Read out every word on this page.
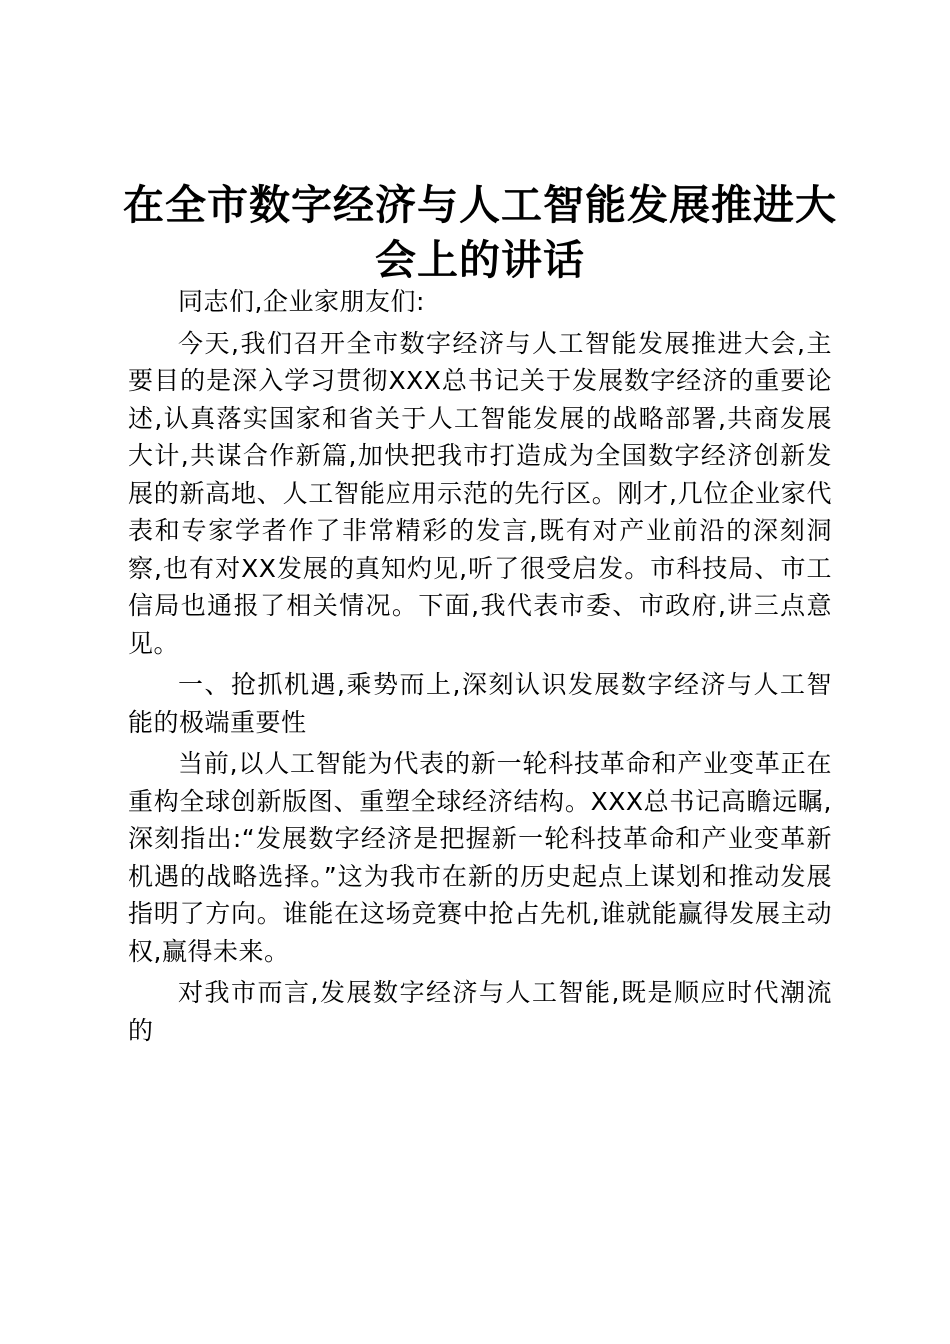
在全市数字经济与人工智能发展推进大会上的讲话

同志们,企业家朋友们:

今天,我们召开全市数字经济与人工智能发展推进大会,主要目的是深入学习贯彻XXX总书记关于发展数字经济的重要论述,认真落实国家和省关于人工智能发展的战略部署,共商发展大计,共谋合作新篇,加快把我市打造成为全国数字经济创新发展的新高地、人工智能应用示范的先行区。刚才,几位企业家代表和专家学者作了非常精彩的发言,既有对产业前沿的深刻洞察,也有对XX发展的真知灼见,听了很受启发。市科技局、市工信局也通报了相关情况。下面,我代表市委、市政府,讲三点意见。

一、抢抓机遇,乘势而上,深刻认识发展数字经济与人工智能的极端重要性

当前,以人工智能为代表的新一轮科技革命和产业变革正在重构全球创新版图、重塑全球经济结构。XXX总书记高瞻远瞩,深刻指出:“发展数字经济是把握新一轮科技革命和产业变革新机遇的战略选择。”这为我市在新的历史起点上谋划和推动发展指明了方向。谁能在这场竞赛中抢占先机,谁就能赢得发展主动权,赢得未来。

对我市而言,发展数字经济与人工智能,既是顺应时代潮流的
